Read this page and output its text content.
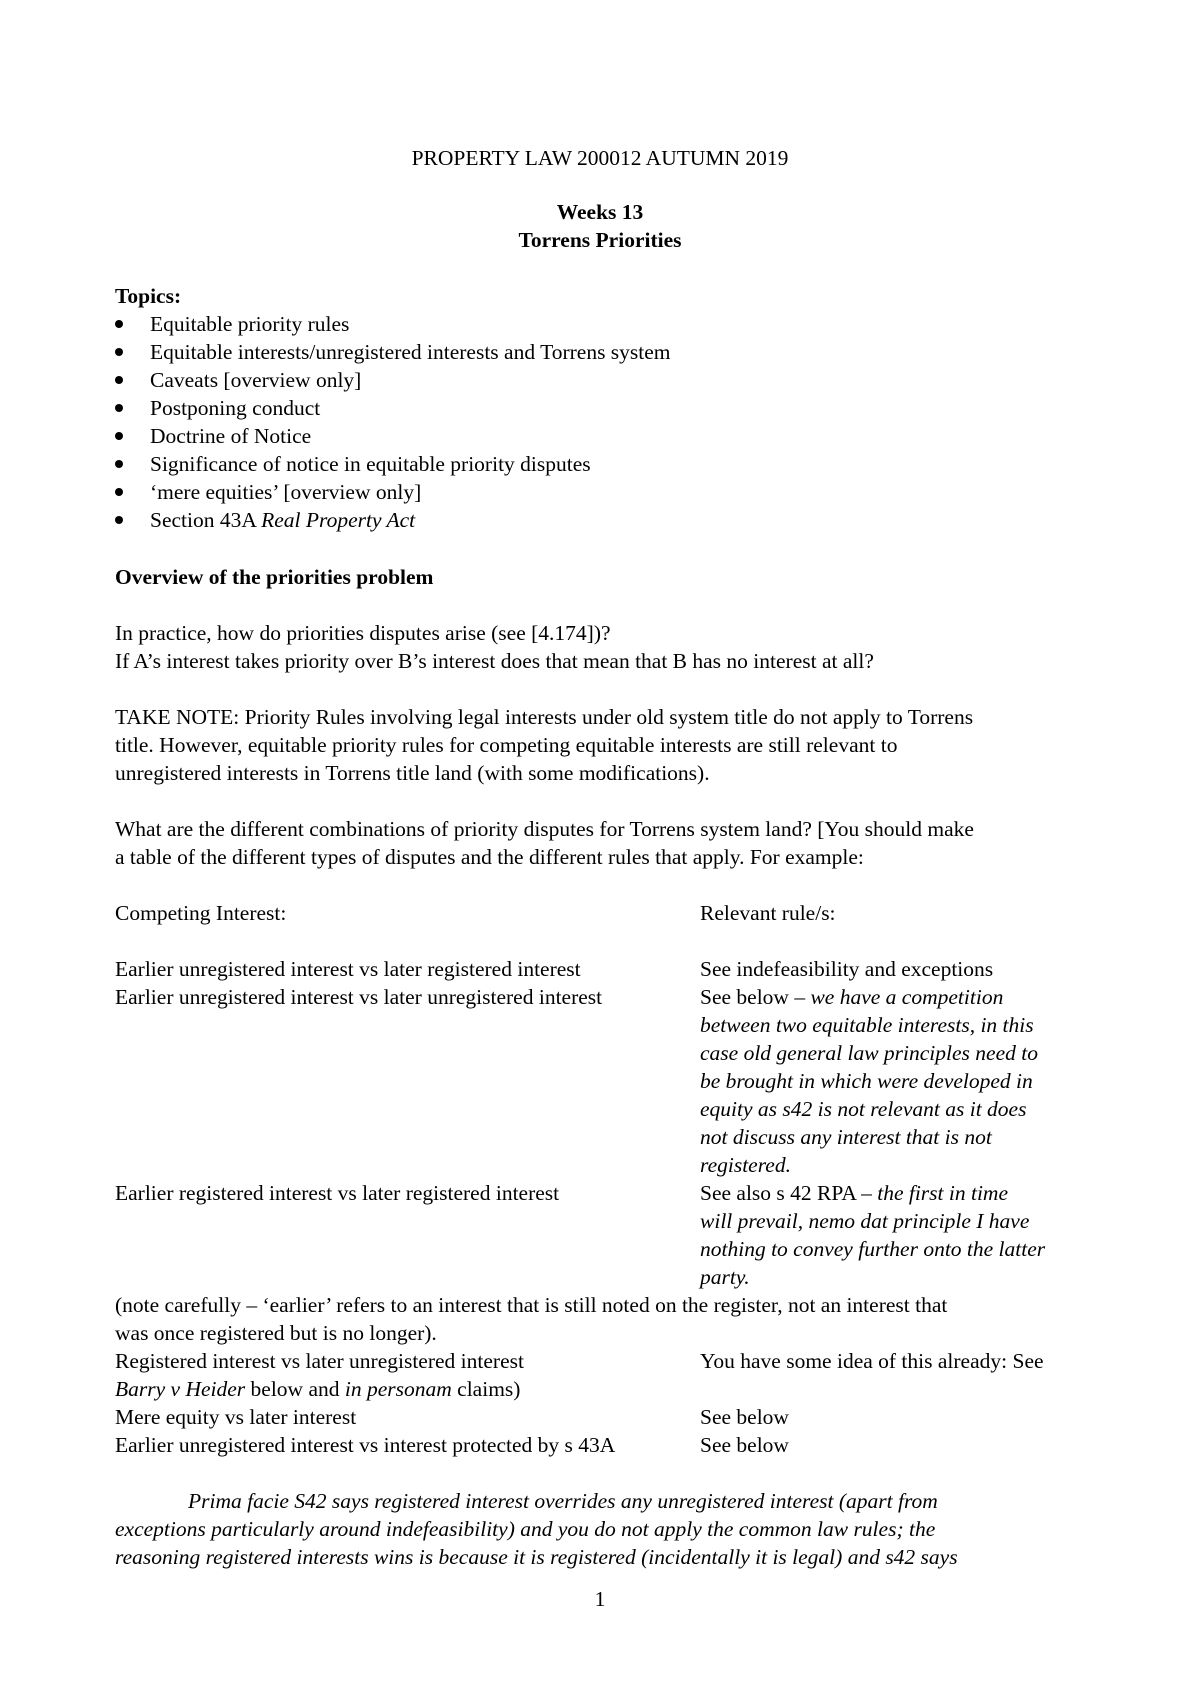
PROPERTY LAW 200012 AUTUMN 2019
Weeks 13
Torrens Priorities
Topics:
Equitable priority rules
Equitable interests/unregistered interests and Torrens system
Caveats [overview only]
Postponing conduct
Doctrine of Notice
Significance of notice in equitable priority disputes
‘mere equities’ [overview only]
Section 43A Real Property Act
Overview of the priorities problem
In practice, how do priorities disputes arise (see [4.174])?
If A’s interest takes priority over B’s interest does that mean that B has no interest at all?
TAKE NOTE: Priority Rules involving legal interests under old system title do not apply to Torrens
title. However, equitable priority rules for competing equitable interests are still relevant to
unregistered interests in Torrens title land (with some modifications).
What are the different combinations of priority disputes for Torrens system land? [You should make
a table of the different types of disputes and the different rules that apply. For example:
Competing Interest:	Relevant rule/s:
Earlier unregistered interest vs later registered interest	See indefeasibility and exceptions
Earlier unregistered interest vs later unregistered interest	See below – we have a competition
between two equitable interests, in this
case old general law principles need to
be brought in which were developed in
equity as s42 is not relevant as it does
not discuss any interest that is not
registered.
Earlier registered interest vs later registered interest	See also s 42 RPA – the first in time
will prevail, nemo dat principle I have
nothing to convey further onto the latter
party.
(note carefully – ‘earlier’ refers to an interest that is still noted on the register, not an interest that
was once registered but is no longer).
Registered interest vs later unregistered interest	You have some idea of this already: See
Barry v Heider below and in personam claims)
Mere equity vs later interest	See below
Earlier unregistered interest vs interest protected by s 43A	See below
Prima facie S42 says registered interest overrides any unregistered interest (apart from
exceptions particularly around indefeasibility) and you do not apply the common law rules; the
reasoning registered interests wins is because it is registered (incidentally it is legal) and s42 says
1
